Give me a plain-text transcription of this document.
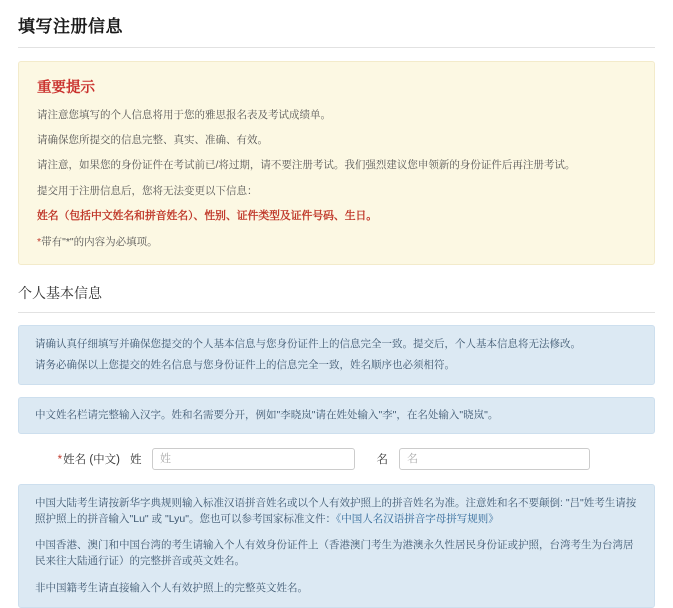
填写注册信息
重要提示
请注意您填写的个人信息将用于您的雅思报名表及考试成绩单。
请确保您所提交的信息完整、真实、准确、有效。
请注意，如果您的身份证件在考试前已/将过期，请不要注册考试。我们强烈建议您申领新的身份证件后再注册考试。
提交用于注册信息后，您将无法变更以下信息：
姓名（包括中文姓名和拼音姓名）、性别、证件类型及证件号码、生日。
*带有"*"的内容为必填项。
个人基本信息

请确认真仔细填写并确保您提交的个人基本信息与您身份证件上的信息完全一致。提交后，个人基本信息将无法修改。

请务必确保以上您提交的姓名信息与您身份证件上的信息完全一致，姓名顺序也必须相符。

中文姓名栏请完整输入汉字。姓和名需要分开，例如"李晓岚"请在姓处输入"李"，在名处输入"晓岚"。

*姓名 (中文) 姓
姓	名
名

中国大陆考生请按新华字典规则输入标准汉语拼音姓名或以个人有效护照上的拼音姓名为准。注意姓和名不要颠倒: "吕"姓考生请按照护照上的拼音输入"Lu" 或 "Lyu"。您也可以参考国家标准文件：《中国人名汉语拼音字母拼写规则》

中国香港、澳门和中国台湾的考生请输入个人有效身份证件上（香港澳门考生为港澳永久性居民身份证或护照，台湾考生为台湾居民来往大陆通行证）的完整拼音或英文姓名。

非中国籍考生请直接输入个人有效护照上的完整英文姓名。
